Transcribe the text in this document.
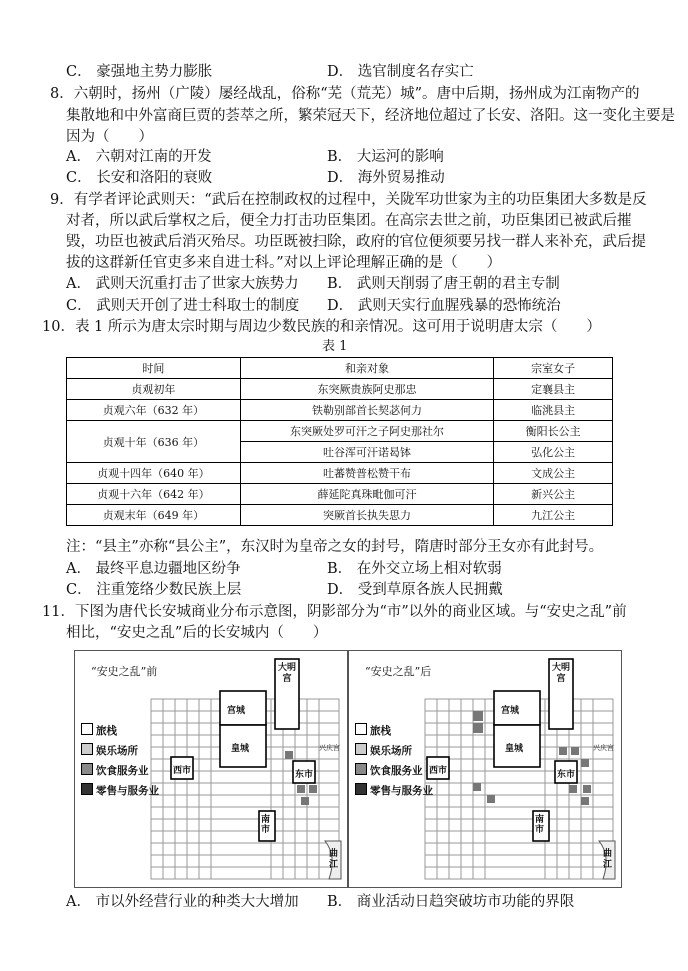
C． 豪强地主势力膨胀	D． 选官制度名存实亡
8．六朝时，扬州（广陵）屡经战乱，俗称“芜（荒芜）城”。唐中后期，扬州成为江南物产的
集散地和中外富商巨贾的荟萃之所，繁荣冠天下，经济地位超过了长安、洛阳。这一变化主要是
因为（　　）
A． 六朝对江南的开发	B． 大运河的影响
C． 长安和洛阳的衰败	D． 海外贸易推动
9．有学者评论武则天：“武后在控制政权的过程中，关陇军功世家为主的功臣集团大多数是反
对者，所以武后掌权之后，便全力打击功臣集团。在高宗去世之前，功臣集团已被武后摧
毁，功臣也被武后消灭殆尽。功臣既被扫除，政府的官位便须要另找一群人来补充，武后提
拔的这群新任官吏多来自进士科。”对以上评论理解正确的是（　　）
A． 武则天沉重打击了世家大族势力 B． 武则天削弱了唐王朝的君主专制
C． 武则天开创了进士科取士的制度 D． 武则天实行血腥残暴的恐怖统治
10．表 1 所示为唐太宗时期与周边少数民族的和亲情况。这可用于说明唐太宗（　　）
表 1
时间	和亲对象	宗室女子
贞观初年	东突厥贵族阿史那忠	定襄县主
贞观六年（632 年）	铁勒别部首长契苾何力	临洮县主
贞观十年（636 年）	东突厥处罗可汗之子阿史那社尔	衡阳长公主
	吐谷浑可汗诺曷钵	弘化公主
贞观十四年（640 年）	吐蕃赞普松赞干布	文成公主
贞观十六年（642 年）	薛延陀真珠毗伽可汗	新兴公主
贞观末年（649 年）	突厥首长执失思力	九江公主
注：“县主”亦称“县公主”，东汉时为皇帝之女的封号，隋唐时部分王女亦有此封号。
A． 最终平息边疆地区纷争	B． 在外交立场上相对软弱
C． 注重笼络少数民族上层	D． 受到草原各族人民拥戴
11．下图为唐代长安城商业分布示意图，阴影部分为“市”以外的商业区域。与“安史之乱”前
相比，“安史之乱”后的长安城内（　　）
“安史之乱”前	大明宫
宫城
皇城
西市	东市
南市
兴庆宫
曲江
旅栈
娱乐场所
饮食服务业
零售与服务业
“安史之乱”后	大明宫
宫城
皇城
西市	东市
南市
兴庆宫
曲江
旅栈
娱乐场所
饮食服务业
零售与服务业
A． 市以外经营行业的种类大大增加 B． 商业活动日趋突破坊市功能的界限
